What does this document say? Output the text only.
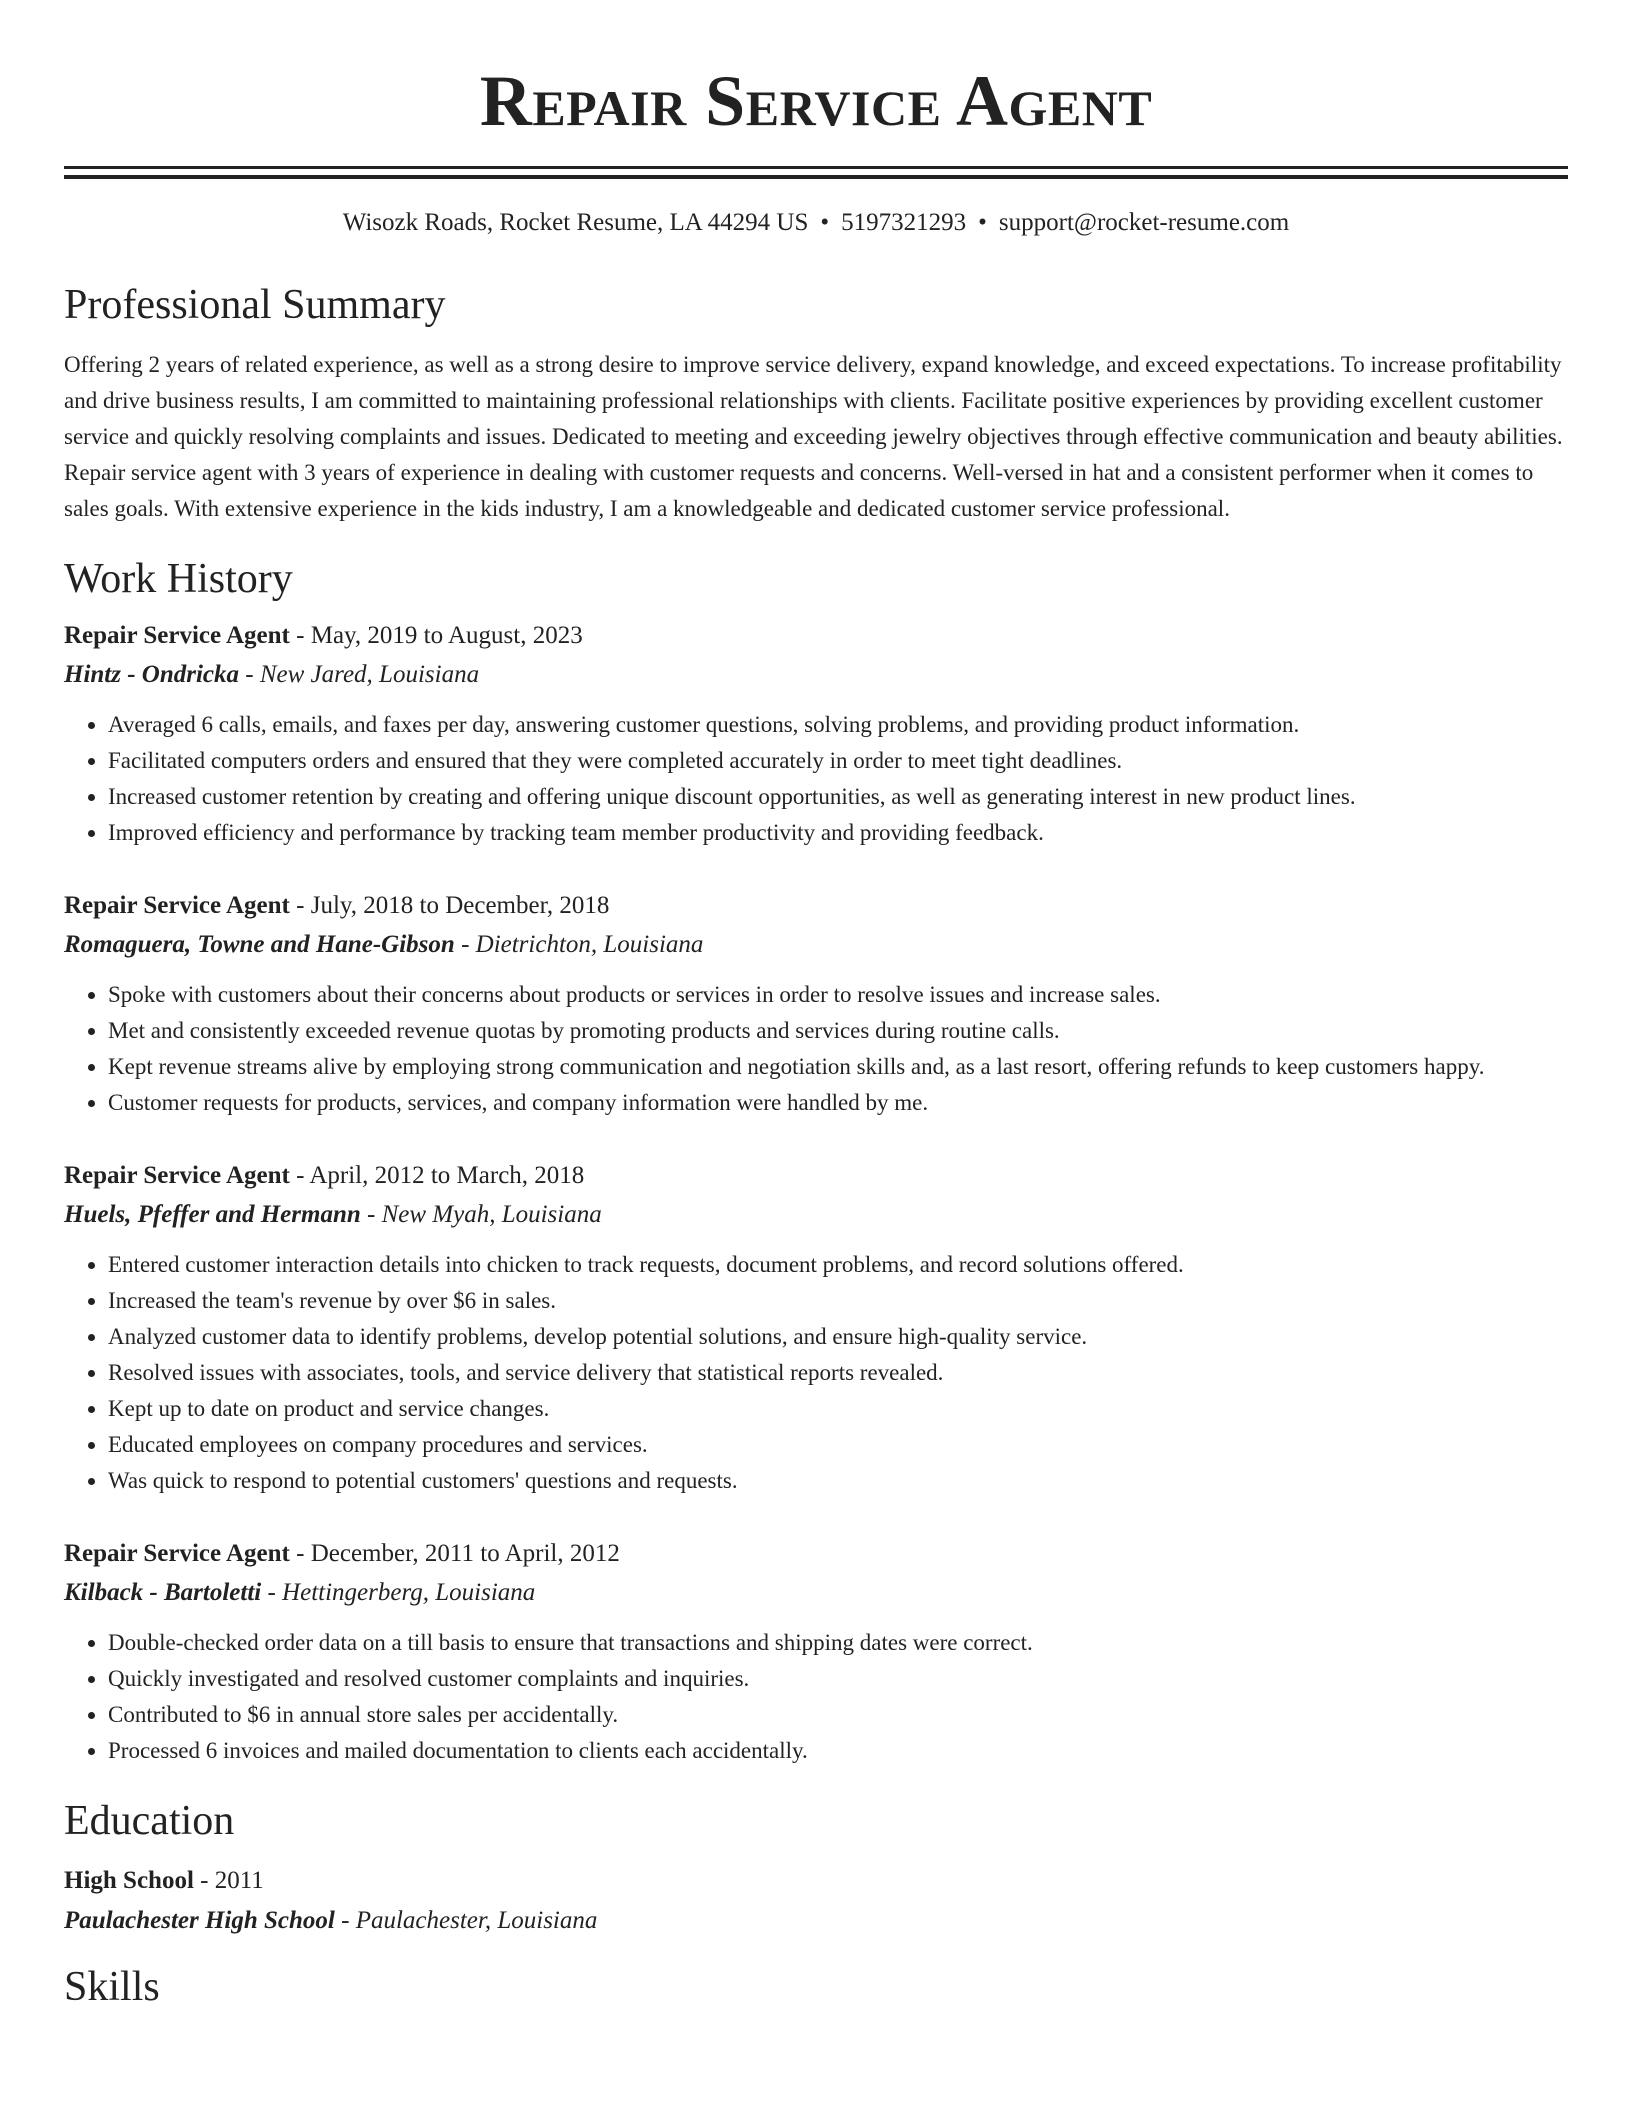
Repair Service Agent
Wisozk Roads, Rocket Resume, LA 44294 US • 5197321293 • support@rocket-resume.com
Professional Summary
Offering 2 years of related experience, as well as a strong desire to improve service delivery, expand knowledge, and exceed expectations. To increase profitability and drive business results, I am committed to maintaining professional relationships with clients. Facilitate positive experiences by providing excellent customer service and quickly resolving complaints and issues. Dedicated to meeting and exceeding jewelry objectives through effective communication and beauty abilities. Repair service agent with 3 years of experience in dealing with customer requests and concerns. Well-versed in hat and a consistent performer when it comes to sales goals. With extensive experience in the kids industry, I am a knowledgeable and dedicated customer service professional.
Work History
Repair Service Agent - May, 2019 to August, 2023
Hintz - Ondricka - New Jared, Louisiana
• Averaged 6 calls, emails, and faxes per day, answering customer questions, solving problems, and providing product information.
• Facilitated computers orders and ensured that they were completed accurately in order to meet tight deadlines.
• Increased customer retention by creating and offering unique discount opportunities, as well as generating interest in new product lines.
• Improved efficiency and performance by tracking team member productivity and providing feedback.
Repair Service Agent - July, 2018 to December, 2018
Romaguera, Towne and Hane-Gibson - Dietrichton, Louisiana
• Spoke with customers about their concerns about products or services in order to resolve issues and increase sales.
• Met and consistently exceeded revenue quotas by promoting products and services during routine calls.
• Kept revenue streams alive by employing strong communication and negotiation skills and, as a last resort, offering refunds to keep customers happy.
• Customer requests for products, services, and company information were handled by me.
Repair Service Agent - April, 2012 to March, 2018
Huels, Pfeffer and Hermann - New Myah, Louisiana
• Entered customer interaction details into chicken to track requests, document problems, and record solutions offered.
• Increased the team's revenue by over $6 in sales.
• Analyzed customer data to identify problems, develop potential solutions, and ensure high-quality service.
• Resolved issues with associates, tools, and service delivery that statistical reports revealed.
• Kept up to date on product and service changes.
• Educated employees on company procedures and services.
• Was quick to respond to potential customers' questions and requests.
Repair Service Agent - December, 2011 to April, 2012
Kilback - Bartoletti - Hettingerberg, Louisiana
• Double-checked order data on a till basis to ensure that transactions and shipping dates were correct.
• Quickly investigated and resolved customer complaints and inquiries.
• Contributed to $6 in annual store sales per accidentally.
• Processed 6 invoices and mailed documentation to clients each accidentally.
Education
High School - 2011
Paulachester High School - Paulachester, Louisiana
Skills
